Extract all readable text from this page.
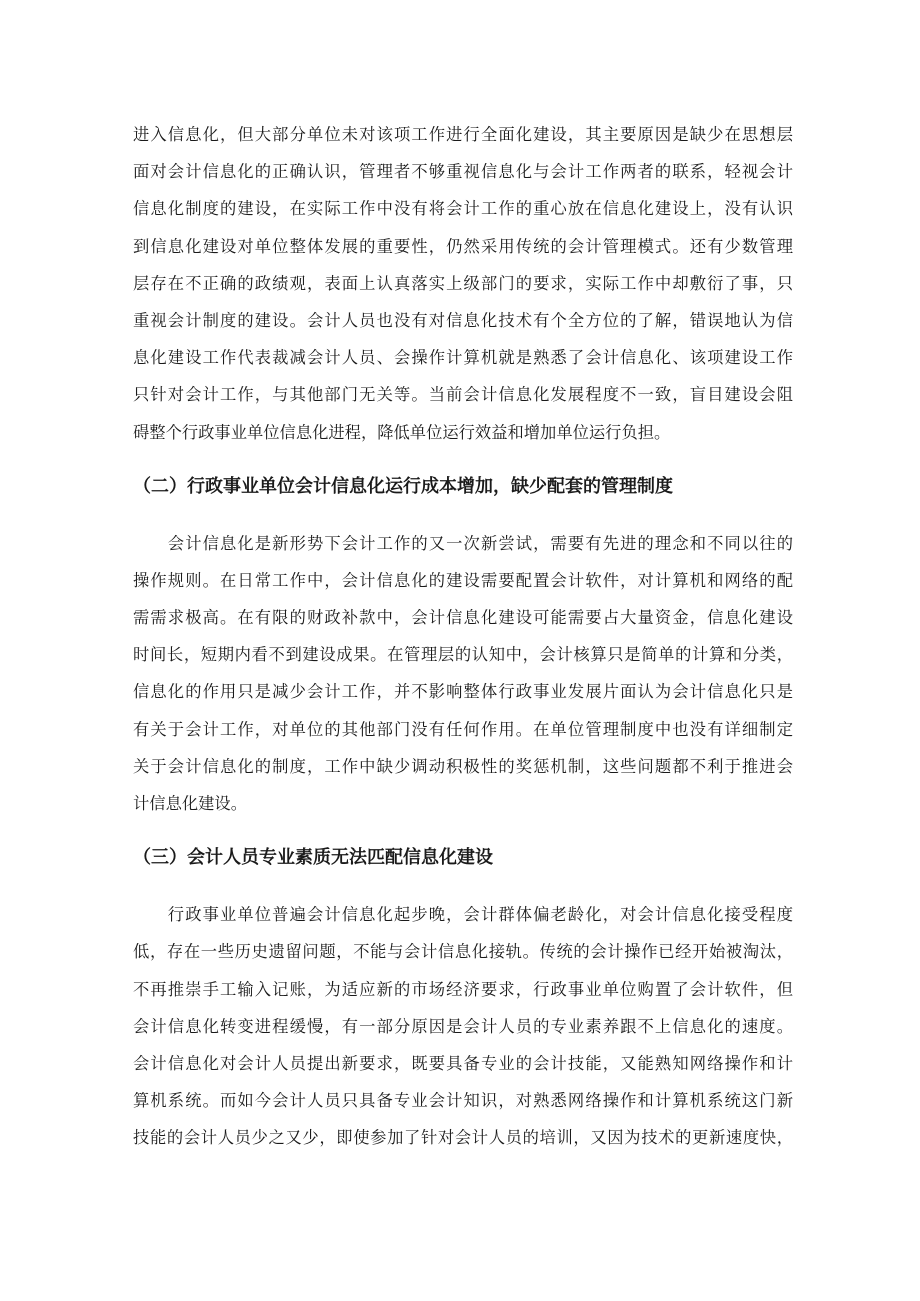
进入信息化，但大部分单位未对该项工作进行全面化建设，其主要原因是缺少在思想层

面对会计信息化的正确认识，管理者不够重视信息化与会计工作两者的联系，轻视会计

信息化制度的建设，在实际工作中没有将会计工作的重心放在信息化建设上，没有认识

到信息化建设对单位整体发展的重要性，仍然采用传统的会计管理模式。还有少数管理

层存在不正确的政绩观，表面上认真落实上级部门的要求，实际工作中却敷衍了事，只

重视会计制度的建设。会计人员也没有对信息化技术有个全方位的了解，错误地认为信

息化建设工作代表裁减会计人员、会操作计算机就是熟悉了会计信息化、该项建设工作

只针对会计工作，与其他部门无关等。当前会计信息化发展程度不一致，盲目建设会阻

碍整个行政事业单位信息化进程，降低单位运行效益和增加单位运行负担。

（二）行政事业单位会计信息化运行成本增加，缺少配套的管理制度

　　会计信息化是新形势下会计工作的又一次新尝试，需要有先进的理念和不同以往的

操作规则。在日常工作中，会计信息化的建设需要配置会计软件，对计算机和网络的配

需需求极高。在有限的财政补款中，会计信息化建设可能需要占大量资金，信息化建设

时间长，短期内看不到建设成果。在管理层的认知中，会计核算只是简单的计算和分类，

信息化的作用只是减少会计工作，并不影响整体行政事业发展片面认为会计信息化只是

有关于会计工作，对单位的其他部门没有任何作用。在单位管理制度中也没有详细制定

关于会计信息化的制度，工作中缺少调动积极性的奖惩机制，这些问题都不利于推进会

计信息化建设。

（三）会计人员专业素质无法匹配信息化建设

　　行政事业单位普遍会计信息化起步晚，会计群体偏老龄化，对会计信息化接受程度

低，存在一些历史遗留问题，不能与会计信息化接轨。传统的会计操作已经开始被淘汰，

不再推崇手工输入记账，为适应新的市场经济要求，行政事业单位购置了会计软件，但

会计信息化转变进程缓慢，有一部分原因是会计人员的专业素养跟不上信息化的速度。

会计信息化对会计人员提出新要求，既要具备专业的会计技能，又能熟知网络操作和计

算机系统。而如今会计人员只具备专业会计知识，对熟悉网络操作和计算机系统这门新

技能的会计人员少之又少，即使参加了针对会计人员的培训，又因为技术的更新速度快，
